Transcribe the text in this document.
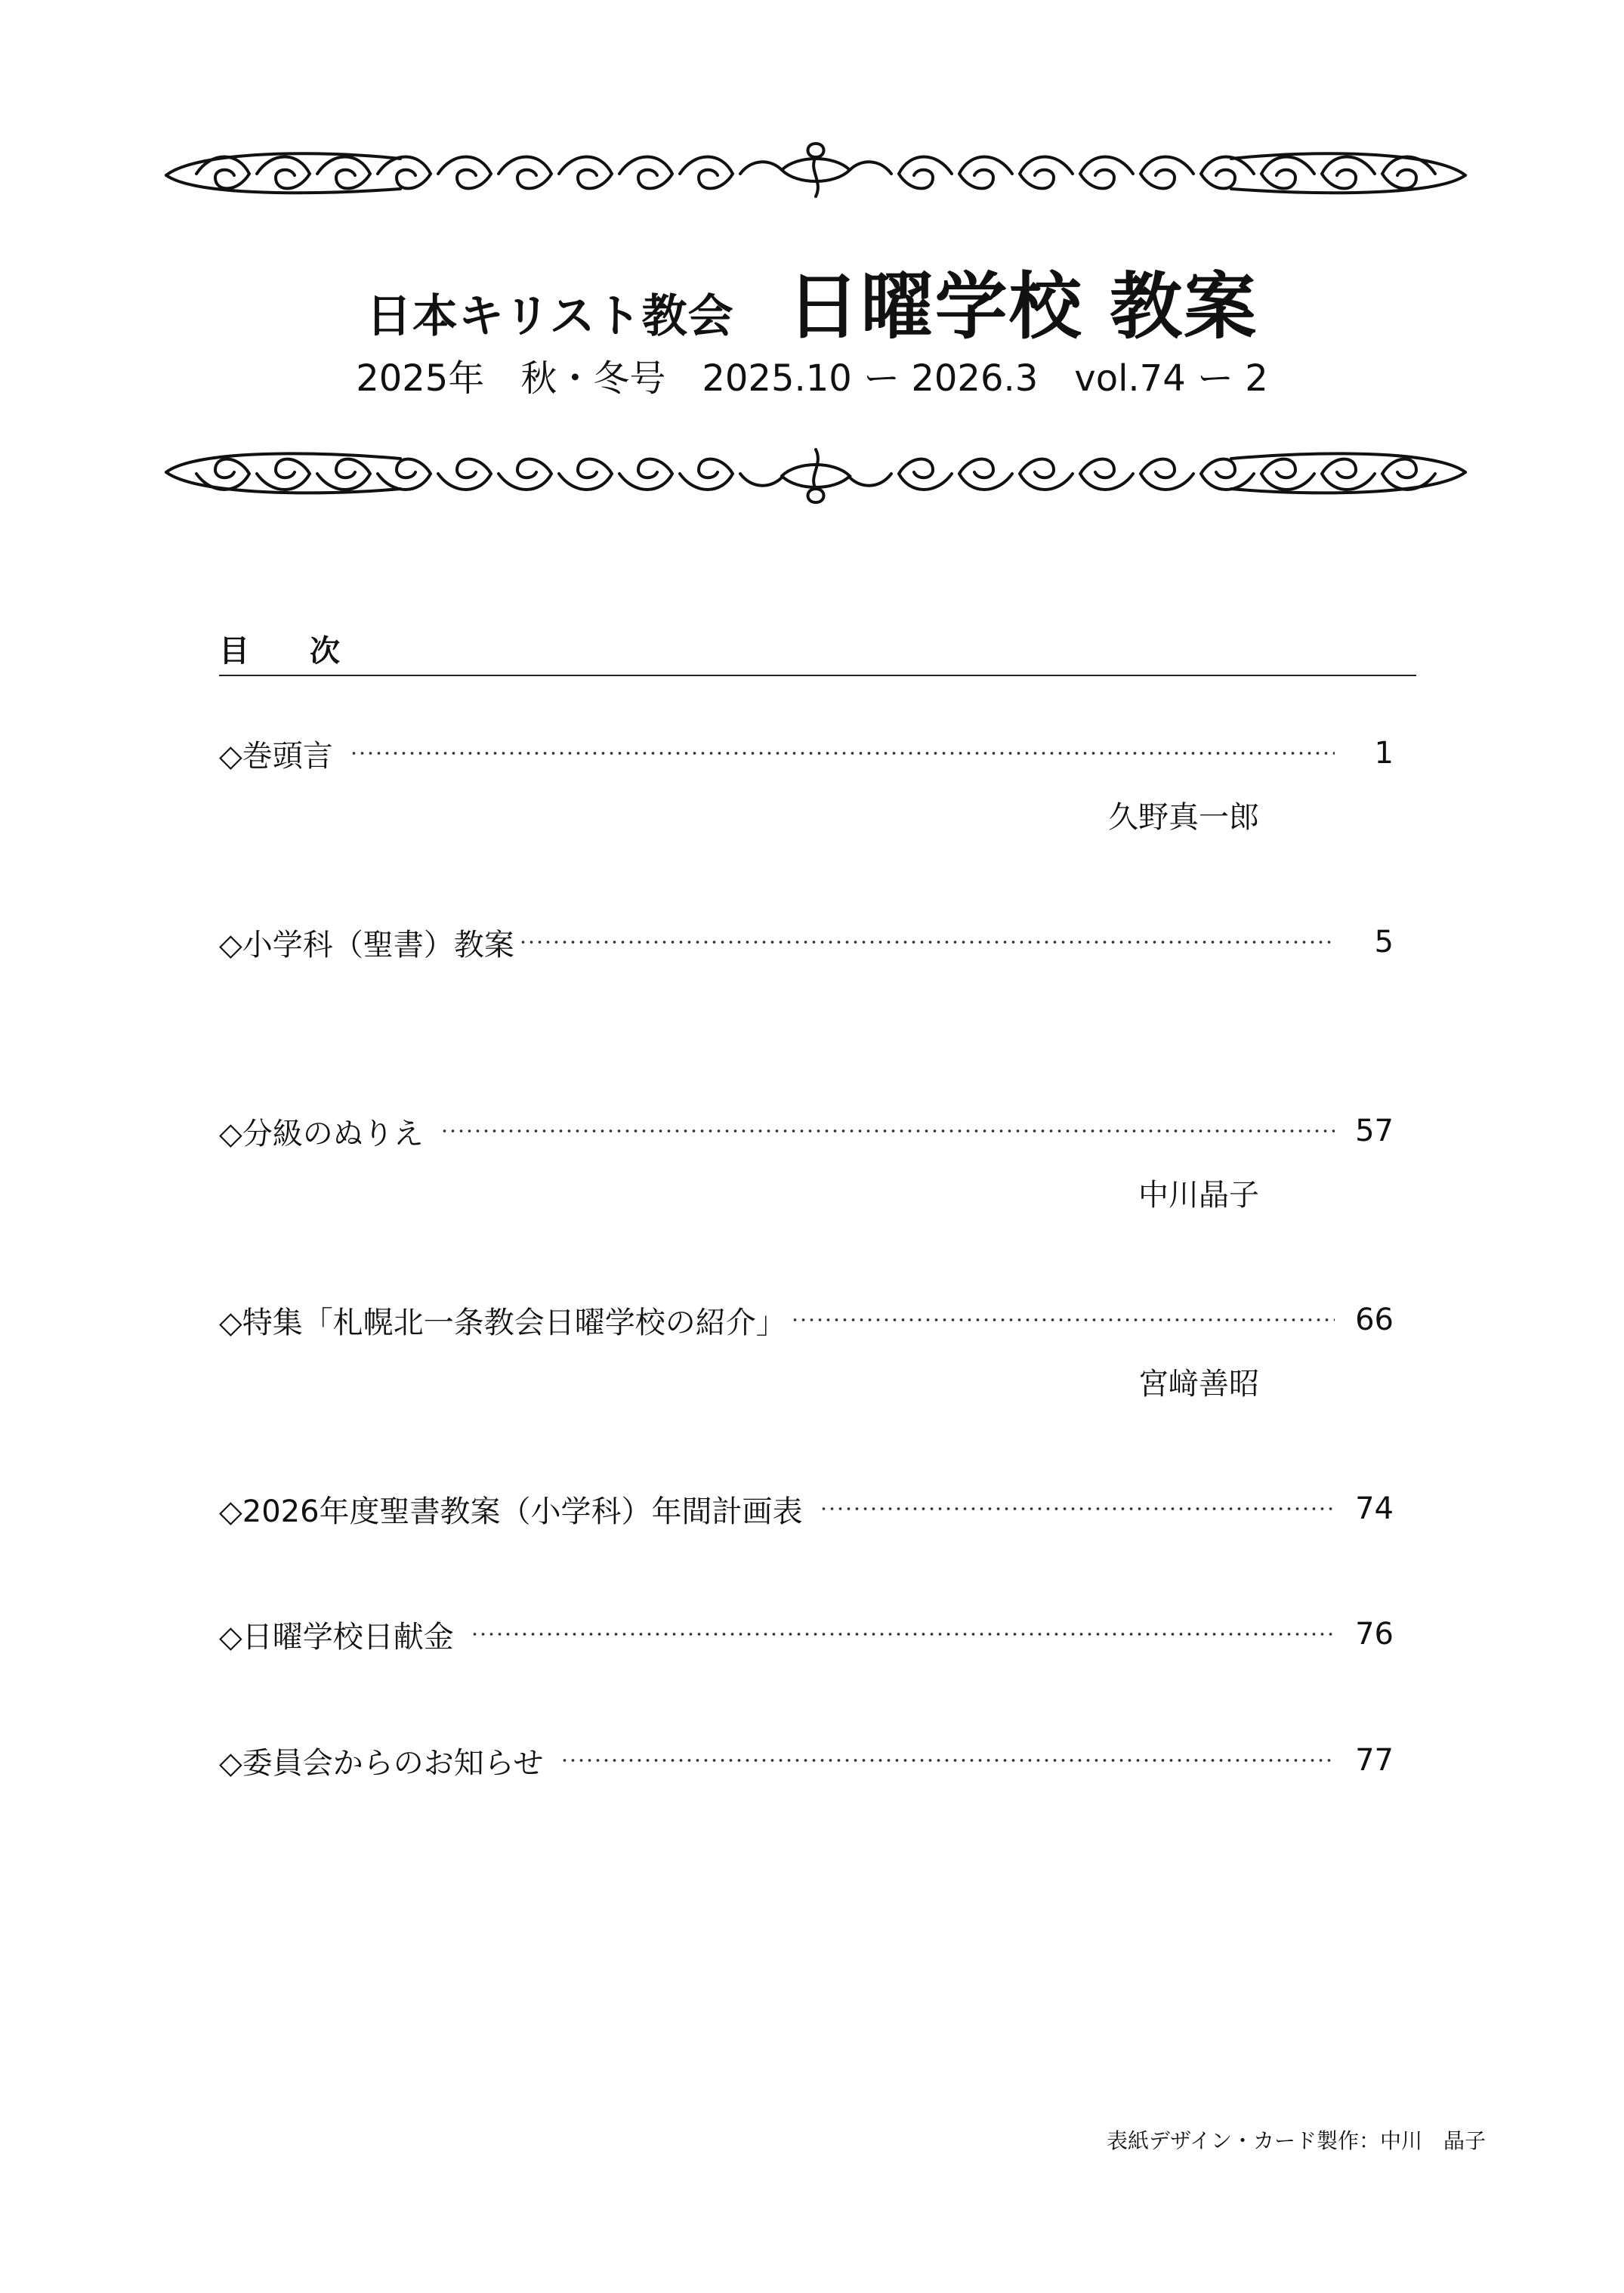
日本キリスト教会 日曜学校 教案
2025年　秋・冬号　2025.10 ー 2026.3　vol.74 ー 2
目　　次
◇巻頭言	1
久野真一郎
◇小学科（聖書）教案	5
◇分級のぬりえ	57
中川晶子
◇特集「札幌北一条教会日曜学校の紹介」	66
宮﨑善昭
◇2026年度聖書教案（小学科）年間計画表	74
◇日曜学校日献金	76
◇委員会からのお知らせ	77
表紙デザイン・カード製作：中川　晶子
